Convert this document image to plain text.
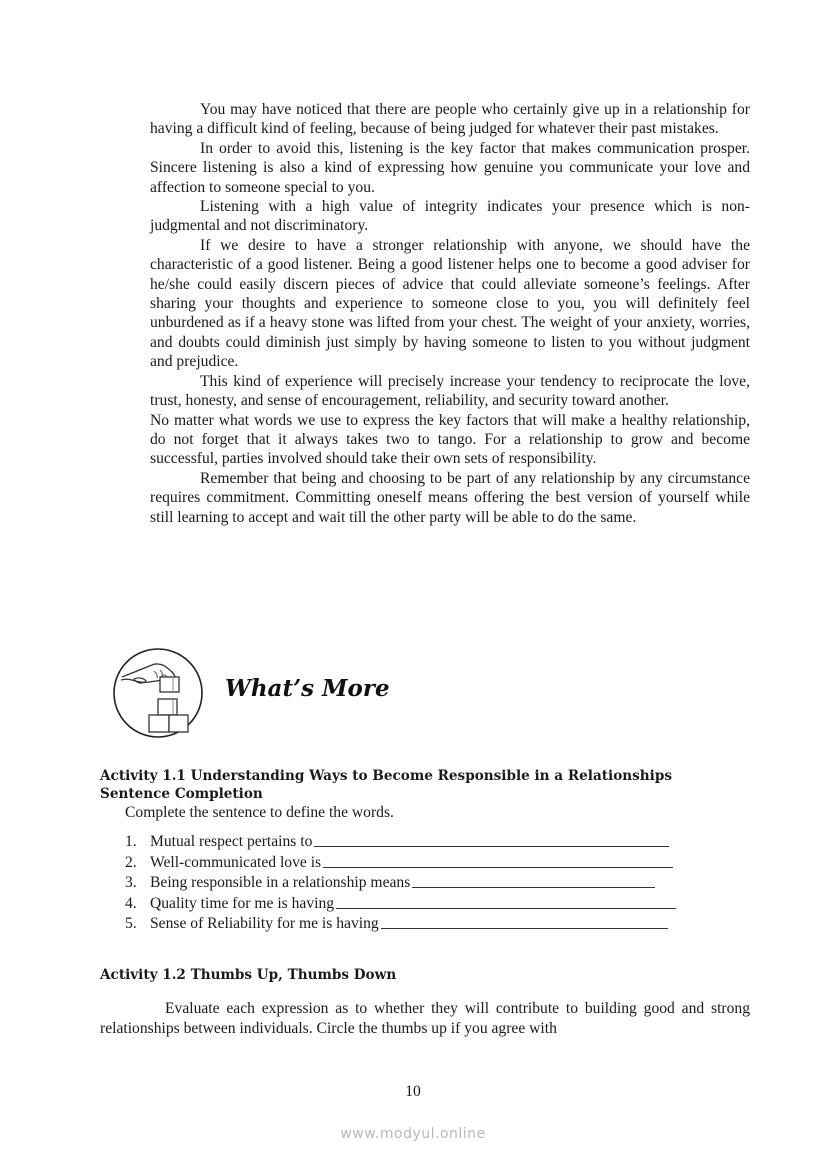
You may have noticed that there are people who certainly give up in a relationship for having a difficult kind of feeling, because of being judged for whatever their past mistakes.

In order to avoid this, listening is the key factor that makes communication prosper. Sincere listening is also a kind of expressing how genuine you communicate your love and affection to someone special to you.

Listening with a high value of integrity indicates your presence which is non-judgmental and not discriminatory.

If we desire to have a stronger relationship with anyone, we should have the characteristic of a good listener. Being a good listener helps one to become a good adviser for he/she could easily discern pieces of advice that could alleviate someone’s feelings. After sharing your thoughts and experience to someone close to you, you will definitely feel unburdened as if a heavy stone was lifted from your chest. The weight of your anxiety, worries, and doubts could diminish just simply by having someone to listen to you without judgment and prejudice.

This kind of experience will precisely increase your tendency to reciprocate the love, trust, honesty, and sense of encouragement, reliability, and security toward another.

No matter what words we use to express the key factors that will make a healthy relationship, do not forget that it always takes two to tango. For a relationship to grow and become successful, parties involved should take their own sets of responsibility.

Remember that being and choosing to be part of any relationship by any circumstance requires commitment. Committing oneself means offering the best version of yourself while still learning to accept and wait till the other party will be able to do the same.

What’s More

Activity 1.1 Understanding Ways to Become Responsible in a Relationships

Sentence Completion

Complete the sentence to define the words.

1. Mutual respect pertains to
2. Well-communicated love is
3. Being responsible in a relationship means
4. Quality time for me is having
5. Sense of Reliability for me is having

Activity 1.2 Thumbs Up, Thumbs Down

Evaluate each expression as to whether they will contribute to building good and strong relationships between individuals. Circle the thumbs up if you agree with

10
www.modyul.online
